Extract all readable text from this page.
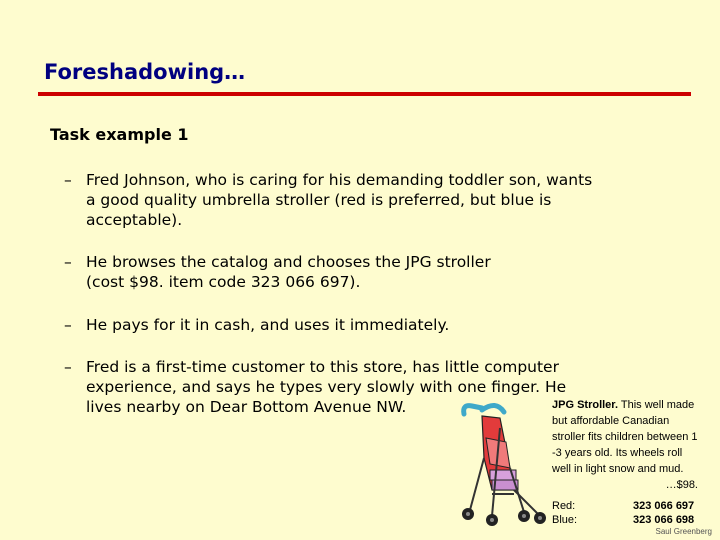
Foreshadowing…
Task example 1
– Fred Johnson, who is caring for his demanding toddler son, wants
a good quality umbrella stroller (red is preferred, but blue is
acceptable).
– He browses the catalog and chooses the JPG stroller
(cost $98. item code 323 066 697).
– He pays for it in cash, and uses it immediately.
– Fred is a first-time customer to this store, has little computer
experience, and says he types very slowly with one finger. He
lives nearby on Dear Bottom Avenue NW.	JPG Stroller. This well made
but affordable Canadian
stroller fits children between 1
-3 years old. Its wheels roll
well in light snow and mud.
…$98.
Red:	323 066 697
Blue:	323 066 698
Saul Greenberg
